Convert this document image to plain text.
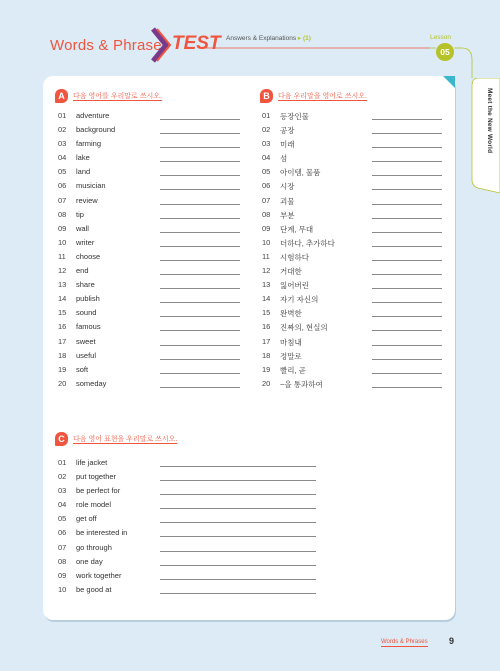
Words & Phrases TEST Answers & Explanations ▸ (1)	Lesson
05
Meet the New World
A	다음 영어를 우리말로 쓰시오.
01 adventure
02 background
03 farming
04 lake
05 land
06 musician
07 review
08 tip
09 wall
10 writer
11 choose
12 end
13 share
14 publish
15 sound
16 famous
17 sweet
18 useful
19 soft
20 someday
B	다음 우리말을 영어로 쓰시오.
01 등장인물
02 공장
03 미래
04 섬
05 아이템, 물품
06 시장
07 괴물
08 부분
09 단계, 무대
10 더하다, 추가하다
11 시험하다
12 거대한
13 잃어버린
14 자기 자신의
15 완벽한
16 진짜의, 현실의
17 마침내
18 정말로
19 빨리, 곧
20 ~을 통과하여
C	다음 영어 표현을 우리말로 쓰시오.
01 life jacket
02 put together
03 be perfect for
04 role model
05 get off
06 be interested in
07 go through
08 one day
09 work together
10 be good at
Words & Phrases 9
